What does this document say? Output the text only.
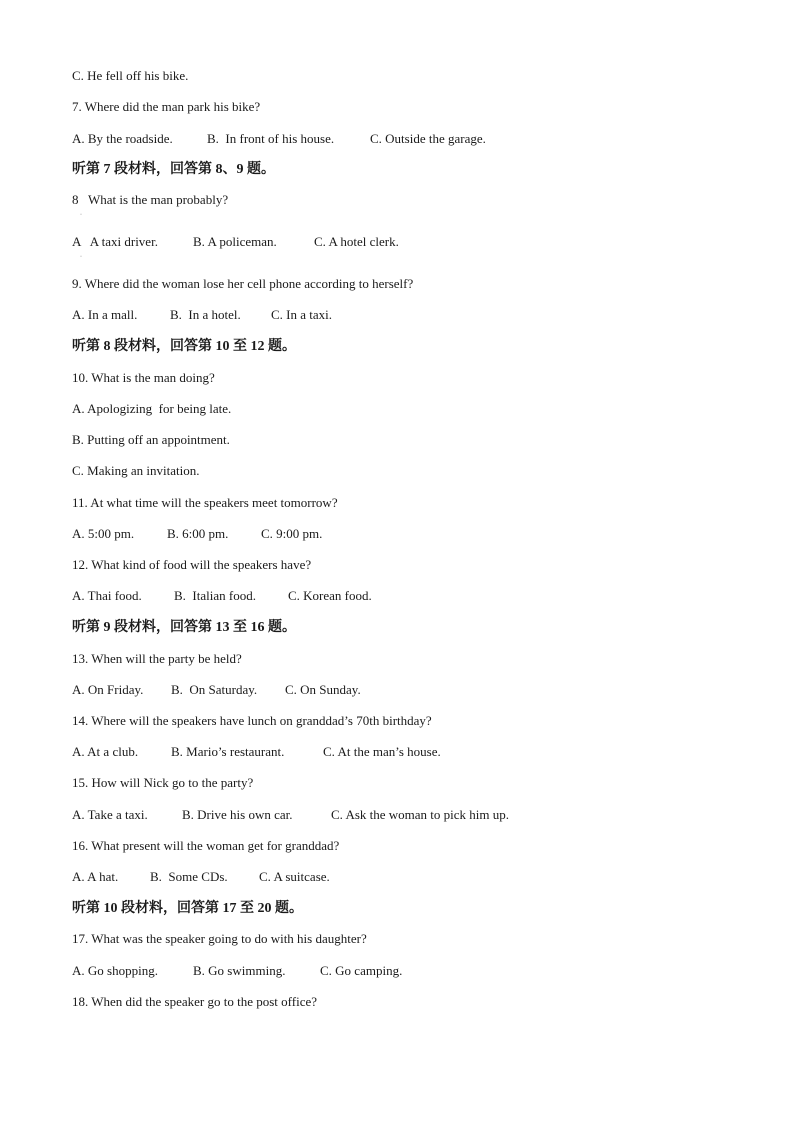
C. He fell off his bike.
7. Where did the man park his bike?
A. By the roadside.	B.  In front of his house.	C. Outside the garage.
听第 7 段材料，回答第 8、9 题。
8   What is the man probably?
·
A   A taxi driver.	B. A policeman.	C. A hotel clerk.
·
9. Where did the woman lose her cell phone according to herself?
A. In a mall.	B.  In a hotel. C. In a taxi.
听第 8 段材料，回答第 10 至 12 题。
10. What is the man doing?
A. Apologizing  for being late.
B. Putting off an appointment.
C. Making an invitation.
11. At what time will the speakers meet tomorrow?
A. 5:00 pm.	B. 6:00 pm.	C. 9:00 pm.
12. What kind of food will the speakers have?
A. Thai food. B.  Italian food. C. Korean food.
听第 9 段材料，回答第 13 至 16 题。
13. When will the party be held?
A. On Friday. B.  On Saturday. C. On Sunday.
14. Where will the speakers have lunch on granddad’s 70th birthday?
A. At a club.	B. Mario’s restaurant.	C. At the man’s house.
15. How will Nick go to the party?
A. Take a taxi.	B. Drive his own car.	C. Ask the woman to pick him up.
16. What present will the woman get for granddad?
A. A hat. B.  Some CDs. C. A suitcase.
听第 10 段材料，回答第 17 至 20 题。
17. What was the speaker going to do with his daughter?
A. Go shopping.	B. Go swimming.	C. Go camping.
18. When did the speaker go to the post office?
